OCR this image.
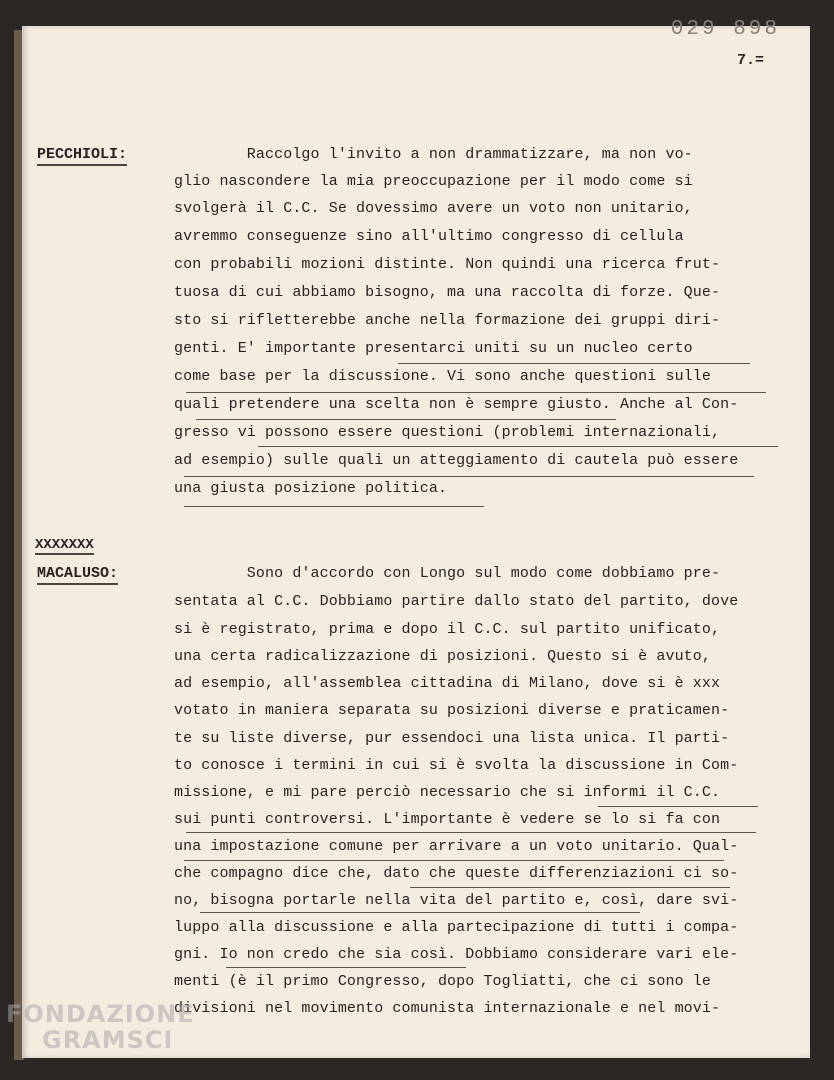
029 898
7.=
PECCHIOLI:
XXXXXXX
MACALUSO:
Raccolgo l'invito a non drammatizzare, ma non vo-
glio nascondere la mia preoccupazione per il modo come si
svolgerà il C.C. Se dovessimo avere un voto non unitario,
avremmo conseguenze sino all'ultimo congresso di cellula
con probabili mozioni distinte. Non quindi una ricerca frut-
tuosa di cui abbiamo bisogno, ma una raccolta di forze. Que-
sto si rifletterebbe anche nella formazione dei gruppi diri-
genti. E' importante presentarci uniti su un nucleo certo
come base per la discussione. Vi sono anche questioni sulle
quali pretendere una scelta non è sempre giusto. Anche al Con-
gresso vi possono essere questioni (problemi internazionali,
ad esempio) sulle quali un atteggiamento di cautela può essere
una giusta posizione politica.
Sono d'accordo con Longo sul modo come dobbiamo pre-
sentata al C.C. Dobbiamo partire dallo stato del partito, dove
si è registrato, prima e dopo il C.C. sul partito unificato,
una certa radicalizzazione di posizioni. Questo si è avuto,
ad esempio, all'assemblea cittadina di Milano, dove si è xxx
votato in maniera separata su posizioni diverse e praticamen-
te su liste diverse, pur essendoci una lista unica. Il parti-
to conosce i termini in cui si è svolta la discussione in Com-
missione, e mi pare perciò necessario che si informi il C.C.
sui punti controversi. L'importante è vedere se lo si fa con
una impostazione comune per arrivare a un voto unitario. Qual-
che compagno dice che, dato che queste differenziazioni ci so-
no, bisogna portarle nella vita del partito e, così, dare svi-
luppo alla discussione e alla partecipazione di tutti i compa-
gni. Io non credo che sia così. Dobbiamo considerare vari ele-
menti (è il primo Congresso, dopo Togliatti, che ci sono le
divisioni nel movimento comunista internazionale e nel movi-
FONDAZIONE
GRAMSCI
